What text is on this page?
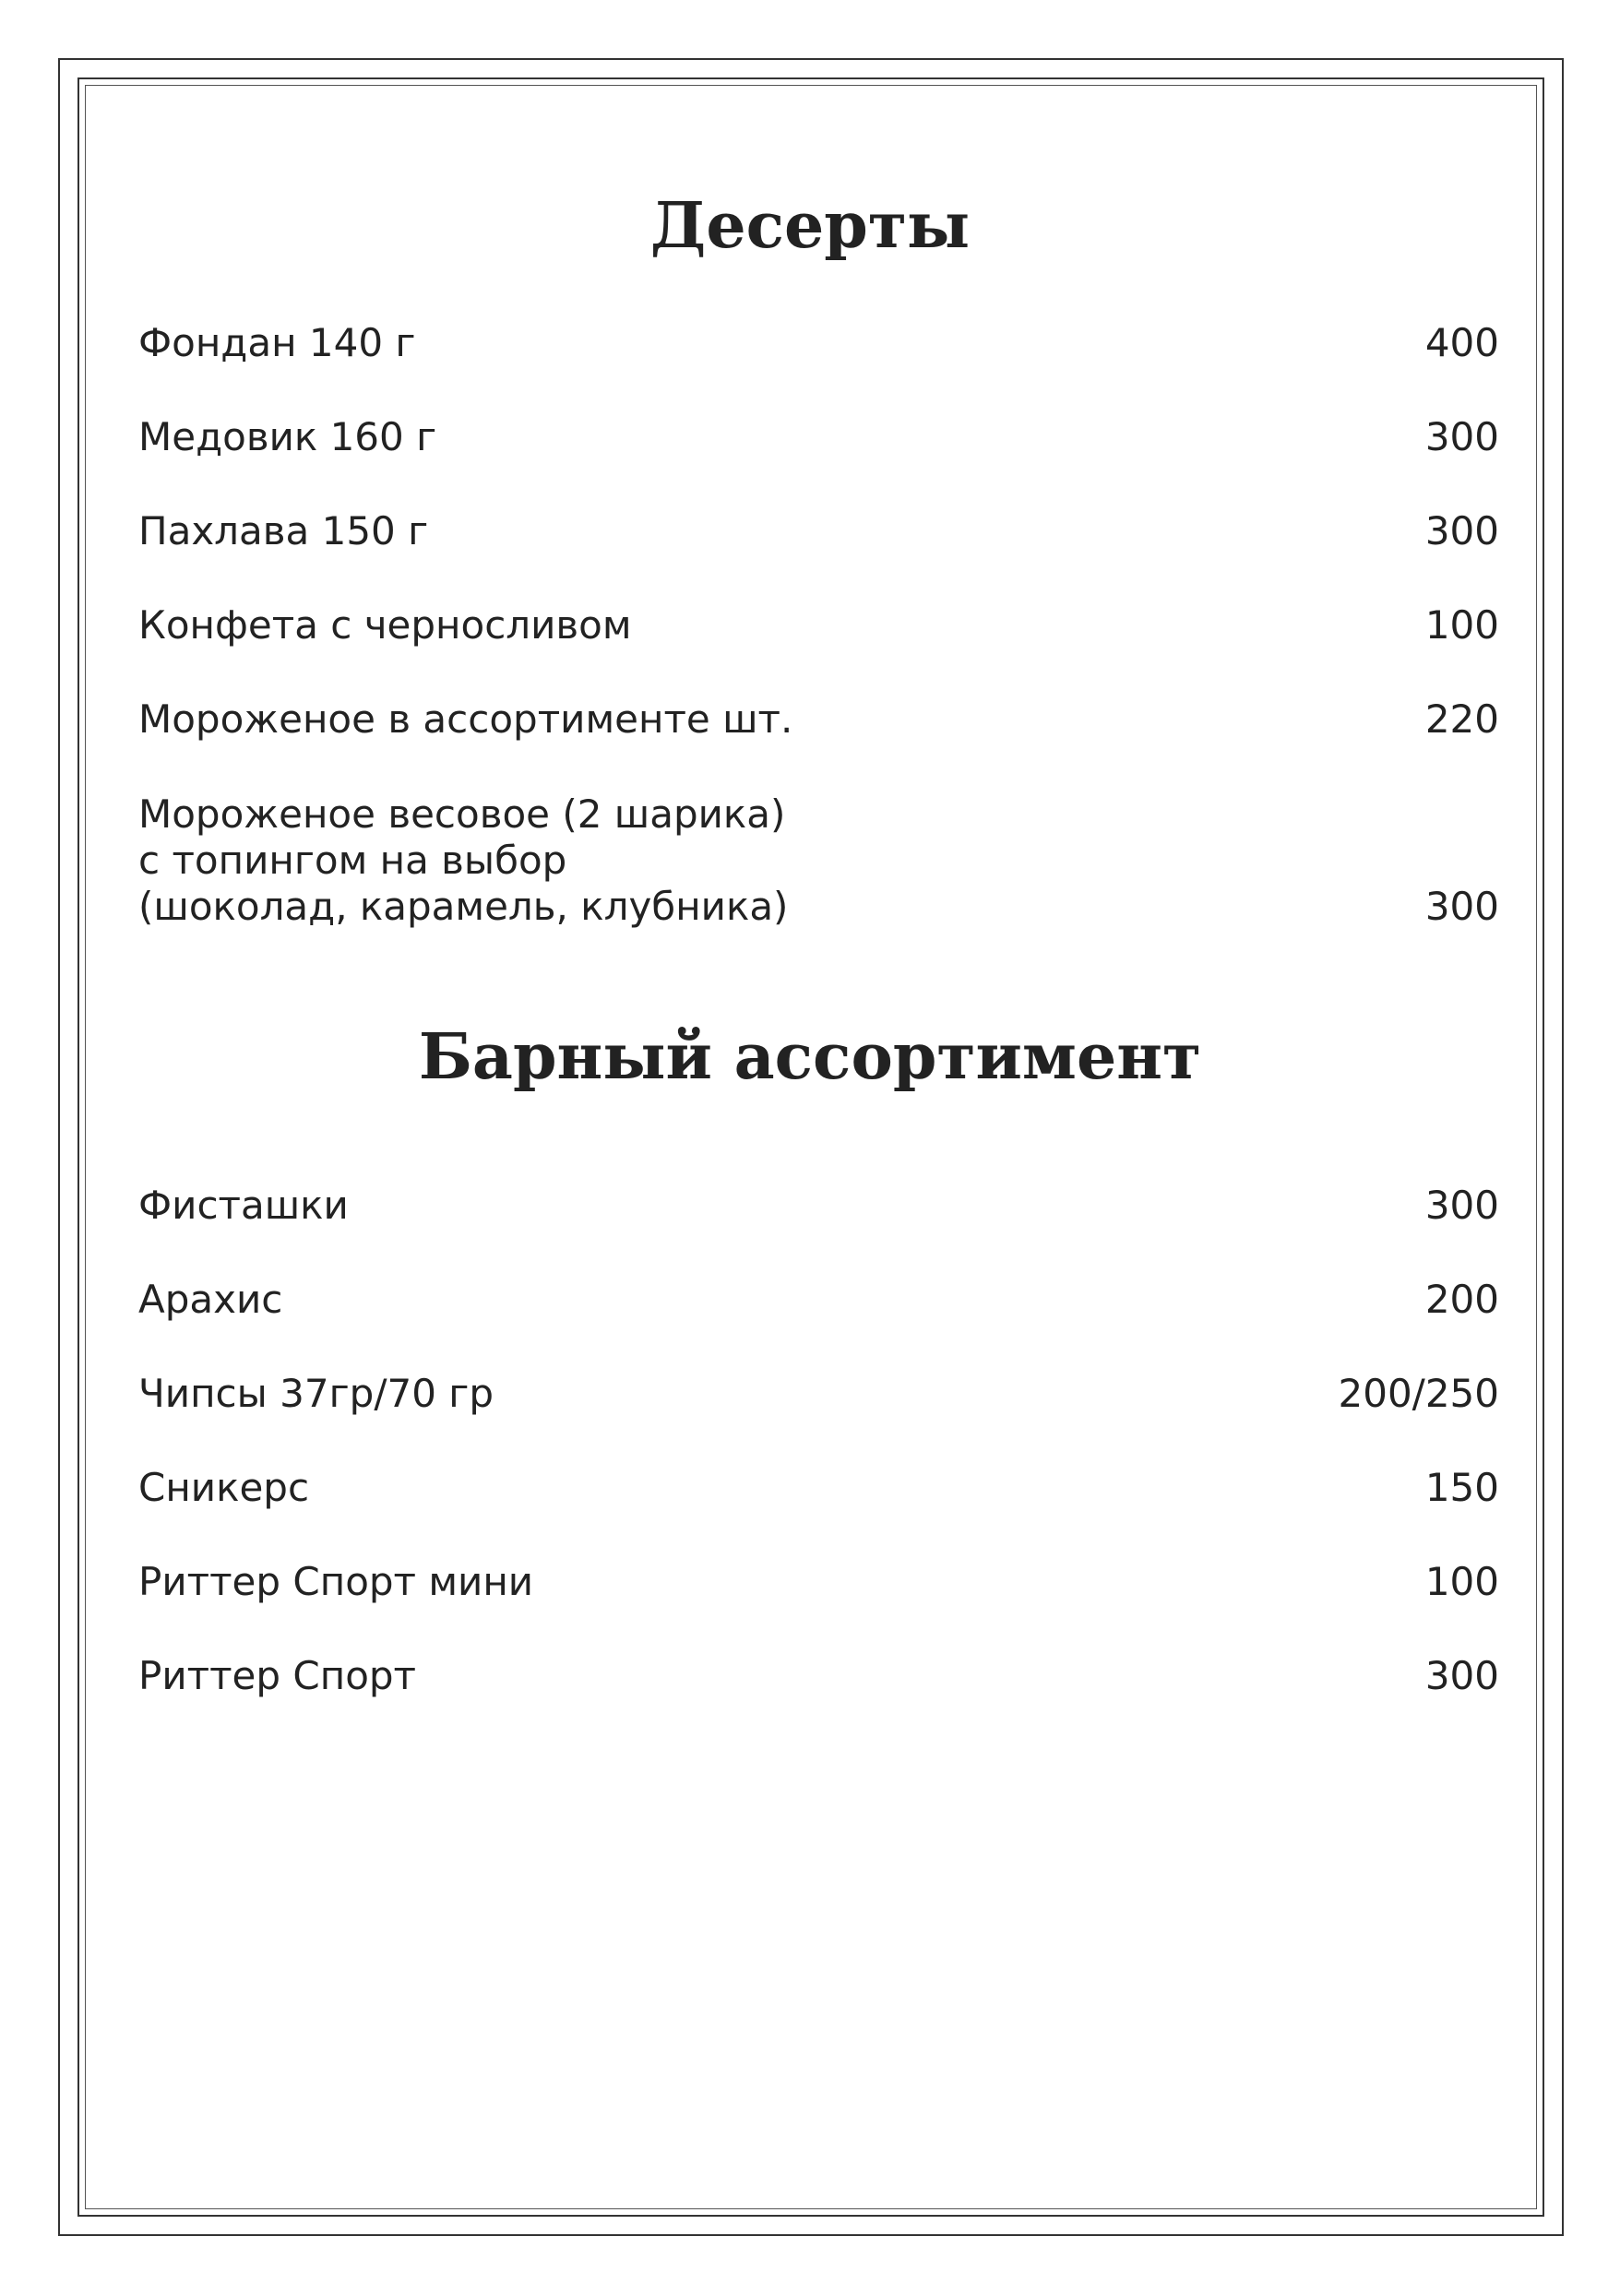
Десерты
Фондан 140 г	400
Медовик 160 г	300
Пахлава 150 г	300
Конфета с черносливом	100
Мороженое в ассортименте шт.	220
Мороженое весовое (2 шарика)
с топингом на выбор
(шоколад, карамель, клубника)	300
Барный ассортимент
Фисташки	300
Арахис	200
Чипсы 37гр/70 гр	200/250
Сникерс	150
Риттер Спорт мини	100
Риттер Спорт	300
